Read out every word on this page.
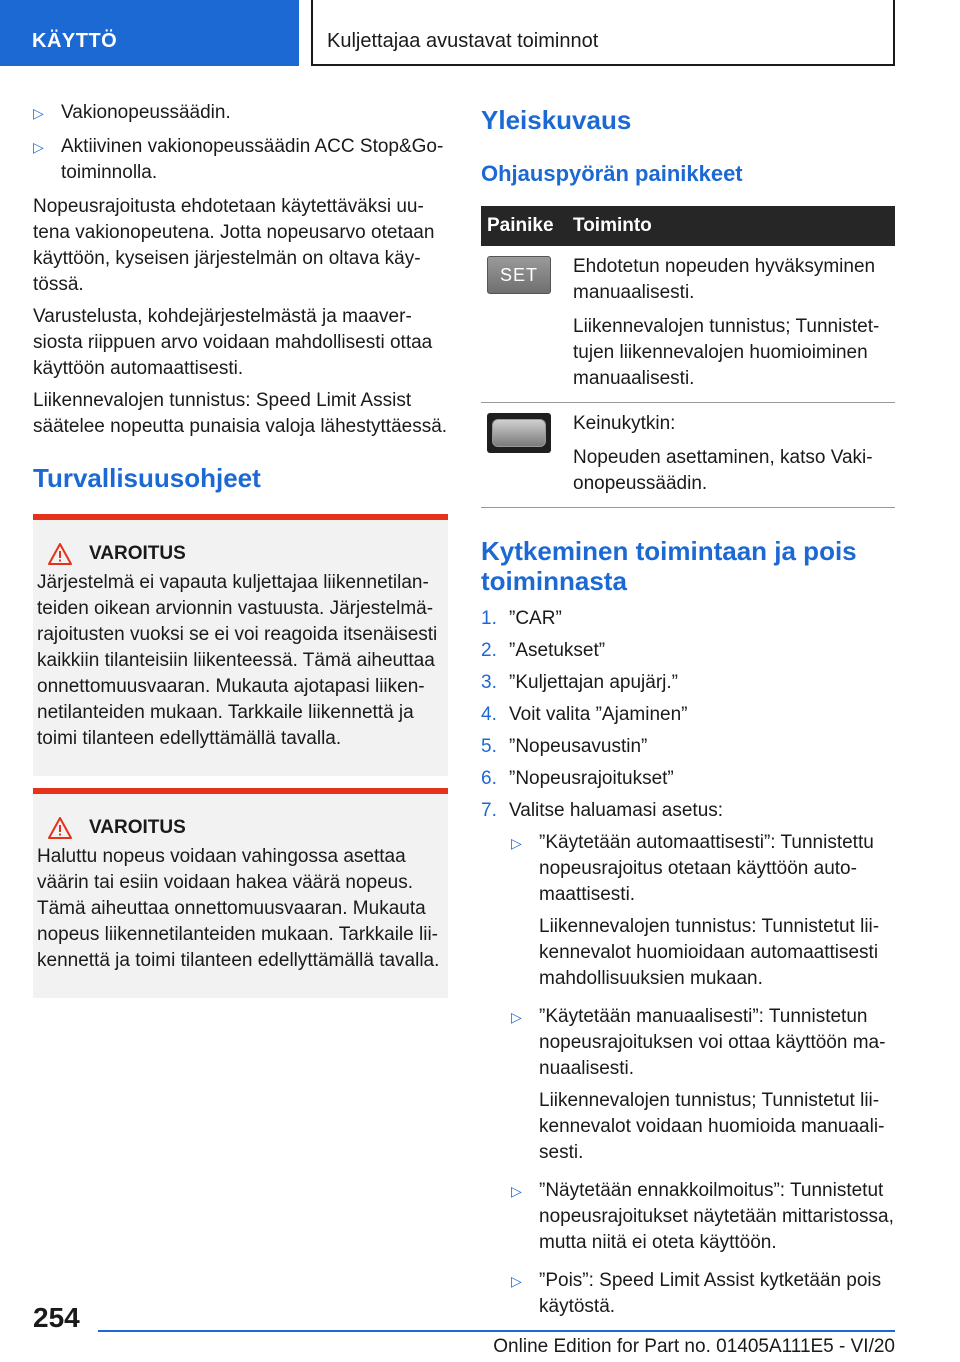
KÄYTTÖ	Kuljettajaa avustavat toiminnot
▷ Vakionopeussäädin.
▷ Aktiivinen vakionopeussäädin ACC Stop&Go-toiminnolla.

Nopeusrajoitusta ehdotetaan käytettäväksi uu-tena vakionopeutena. Jotta nopeusarvo otetaan käyttöön, kyseisen järjestelmän on oltava käy-tössä.

Varustelusta, kohdejärjestelmästä ja maaver-siosta riippuen arvo voidaan mahdollisesti ottaa käyttöön automaattisesti.

Liikennevalojen tunnistus: Speed Limit Assist säätelee nopeutta punaisia valoja lähestyttäessä.

Turvallisuusohjeet
VAROITUS

Järjestelmä ei vapauta kuljettajaa liikennetilan-teiden oikean arvionnin vastuusta. Järjestelmä-rajoitusten vuoksi se ei voi reagoida itsenäisesti kaikkiin tilanteisiin liikenteessä. Tämä aiheuttaa onnettomuusvaaran. Mukauta ajotapasi liiken-netilanteiden mukaan. Tarkkaile liikennettä ja toimi tilanteen edellyttämällä tavalla.

VAROITUS

Haluttu nopeus voidaan vahingossa asettaa väärin tai esiin voidaan hakea väärä nopeus. Tämä aiheuttaa onnettomuusvaaran. Mukauta nopeus liikennetilanteiden mukaan. Tarkkaile lii-kennettä ja toimi tilanteen edellyttämällä tavalla.

Yleiskuvaus
Ohjauspyörän painikkeet
Painike	Toiminto

SET	Ehdotetun nopeuden hyväksyminen manuaalisesti.

Liikennevalojen tunnistus; Tunnistet-tujen liikennevalojen huomioiminen manuaalisesti.

	Keinukytkin:

Nopeuden asettaminen, katso Vaki-onopeussäädin.

Kytkeminen toimintaan ja pois toiminnasta
1. ”CAR”
2. ”Asetukset”
3. ”Kuljettajan apujärj.”
4. Voit valita ”Ajaminen”
5. ”Nopeusavustin”
6. ”Nopeusrajoitukset”
7. Valitse haluamasi asetus:
▷ ”Käytetään automaattisesti”: Tunnistettu nopeusrajoitus otetaan käyttöön auto-maattisesti.

Liikennevalojen tunnistus: Tunnistetut lii-kennevalot huomioidaan automaattisesti mahdollisuuksien mukaan.

▷ ”Käytetään manuaalisesti”: Tunnistetun nopeusrajoituksen voi ottaa käyttöön ma-nuaalisesti.

Liikennevalojen tunnistus; Tunnistetut lii-kennevalot voidaan huomioida manuaali-sesti.

▷ ”Näytetään ennakkoilmoitus”: Tunnistetut nopeusrajoitukset näytetään mittaristossa, mutta niitä ei oteta käyttöön.

▷ ”Pois”: Speed Limit Assist kytketään pois käytöstä.

254
Online Edition for Part no. 01405A111E5 - VI/20
